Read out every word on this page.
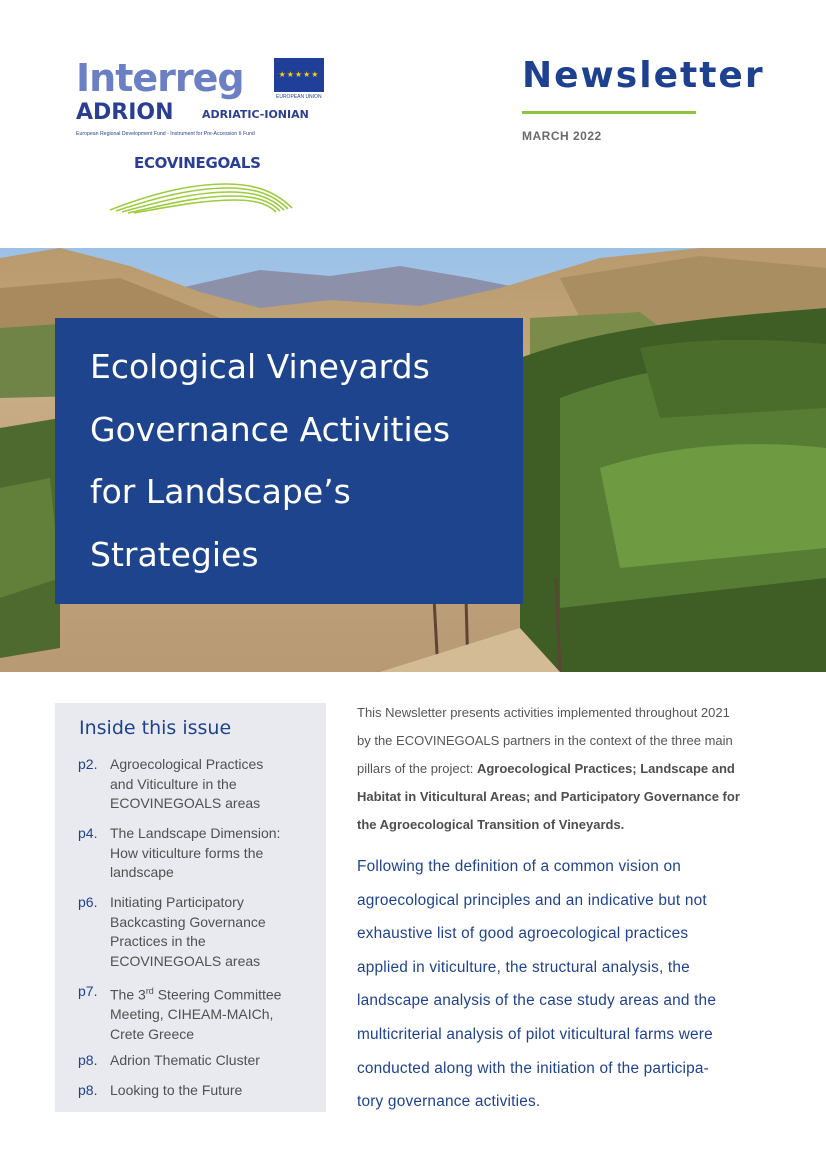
Interreg	★★★★★
EUROPEAN UNION
ADRION	ADRIATIC-IONIAN
European Regional Development Fund - Instrument for Pre-Accession II Fund
ECOVINEGOALS
Newsletter
MARCH 2022
Ecological Vineyards
Governance Activities
for Landscape’s
Strategies
Inside this issue
p2. Agroecological Practices
and Viticulture in the
ECOVINEGOALS areas
p4. The Landscape Dimension:
How viticulture forms the
landscape
p6. Initiating Participatory
Backcasting Governance
Practices in the
ECOVINEGOALS areas
p7. The 3rd Steering Committee
Meeting, CIHEAM-MAICh,
Crete Greece
p8. Adrion Thematic Cluster
p8. Looking to the Future
This Newsletter presents activities implemented throughout 2021
by the ECOVINEGOALS partners in the context of the three main
pillars of the project: Agroecological Practices; Landscape and
Habitat in Viticultural Areas; and Participatory Governance for
the Agroecological Transition of Vineyards.
Following the definition of a common vision on
agroecological principles and an indicative but not
exhaustive list of good agroecological practices
applied in viticulture, the structural analysis, the
landscape analysis of the case study areas and the
multicriterial analysis of pilot viticultural farms were
conducted along with the initiation of the participa-
tory governance activities.
